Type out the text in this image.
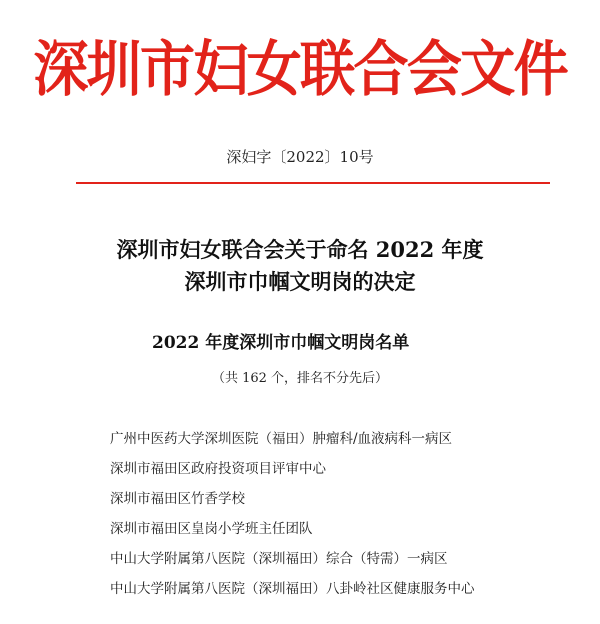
深圳市妇女联合会文件
深妇字〔2022〕10号
深圳市妇女联合会关于命名 2022 年度
深圳市巾帼文明岗的决定
2022 年度深圳市巾帼文明岗名单
（共 162 个，排名不分先后）
广州中医药大学深圳医院（福田）肿瘤科/血液病科一病区
深圳市福田区政府投资项目评审中心
深圳市福田区竹香学校
深圳市福田区皇岗小学班主任团队
中山大学附属第八医院（深圳福田）综合（特需）一病区
中山大学附属第八医院（深圳福田）八卦岭社区健康服务中心
